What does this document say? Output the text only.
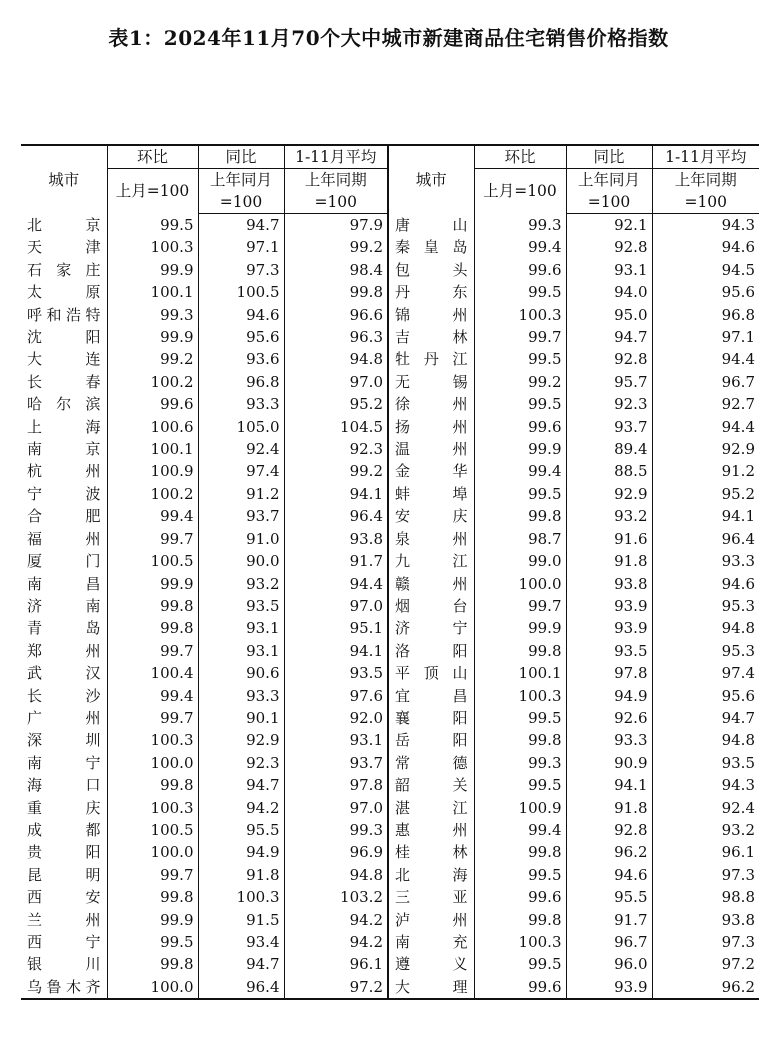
表1：2024年11月70个大中城市新建商品住宅销售价格指数
城市	环比	同比	1-11月平均	城市	环比	同比	1-11月平均
	上月=100	上年同月	上年同期		上月=100	上年同月	上年同期
		=100	=100			=100	=100
北京	99.5	94.7	97.9	唐山	99.3	92.1	94.3
天津	100.3	97.1	99.2	秦皇岛	99.4	92.8	94.6
石家庄	99.9	97.3	98.4	包头	99.6	93.1	94.5
太原	100.1	100.5	99.8	丹东	99.5	94.0	95.6
呼和浩特	99.3	94.6	96.6	锦州	100.3	95.0	96.8
沈阳	99.9	95.6	96.3	吉林	99.7	94.7	97.1
大连	99.2	93.6	94.8	牡丹江	99.5	92.8	94.4
长春	100.2	96.8	97.0	无锡	99.2	95.7	96.7
哈尔滨	99.6	93.3	95.2	徐州	99.5	92.3	92.7
上海	100.6	105.0	104.5	扬州	99.6	93.7	94.4
南京	100.1	92.4	92.3	温州	99.9	89.4	92.9
杭州	100.9	97.4	99.2	金华	99.4	88.5	91.2
宁波	100.2	91.2	94.1	蚌埠	99.5	92.9	95.2
合肥	99.4	93.7	96.4	安庆	99.8	93.2	94.1
福州	99.7	91.0	93.8	泉州	98.7	91.6	96.4
厦门	100.5	90.0	91.7	九江	99.0	91.8	93.3
南昌	99.9	93.2	94.4	赣州	100.0	93.8	94.6
济南	99.8	93.5	97.0	烟台	99.7	93.9	95.3
青岛	99.8	93.1	95.1	济宁	99.9	93.9	94.8
郑州	99.7	93.1	94.1	洛阳	99.8	93.5	95.3
武汉	100.4	90.6	93.5	平顶山	100.1	97.8	97.4
长沙	99.4	93.3	97.6	宜昌	100.3	94.9	95.6
广州	99.7	90.1	92.0	襄阳	99.5	92.6	94.7
深圳	100.3	92.9	93.1	岳阳	99.8	93.3	94.8
南宁	100.0	92.3	93.7	常德	99.3	90.9	93.5
海口	99.8	94.7	97.8	韶关	99.5	94.1	94.3
重庆	100.3	94.2	97.0	湛江	100.9	91.8	92.4
成都	100.5	95.5	99.3	惠州	99.4	92.8	93.2
贵阳	100.0	94.9	96.9	桂林	99.8	96.2	96.1
昆明	99.7	91.8	94.8	北海	99.5	94.6	97.3
西安	99.8	100.3	103.2	三亚	99.6	95.5	98.8
兰州	99.9	91.5	94.2	泸州	99.8	91.7	93.8
西宁	99.5	93.4	94.2	南充	100.3	96.7	97.3
银川	99.8	94.7	96.1	遵义	99.5	96.0	97.2
乌鲁木齐	100.0	96.4	97.2	大理	99.6	93.9	96.2
